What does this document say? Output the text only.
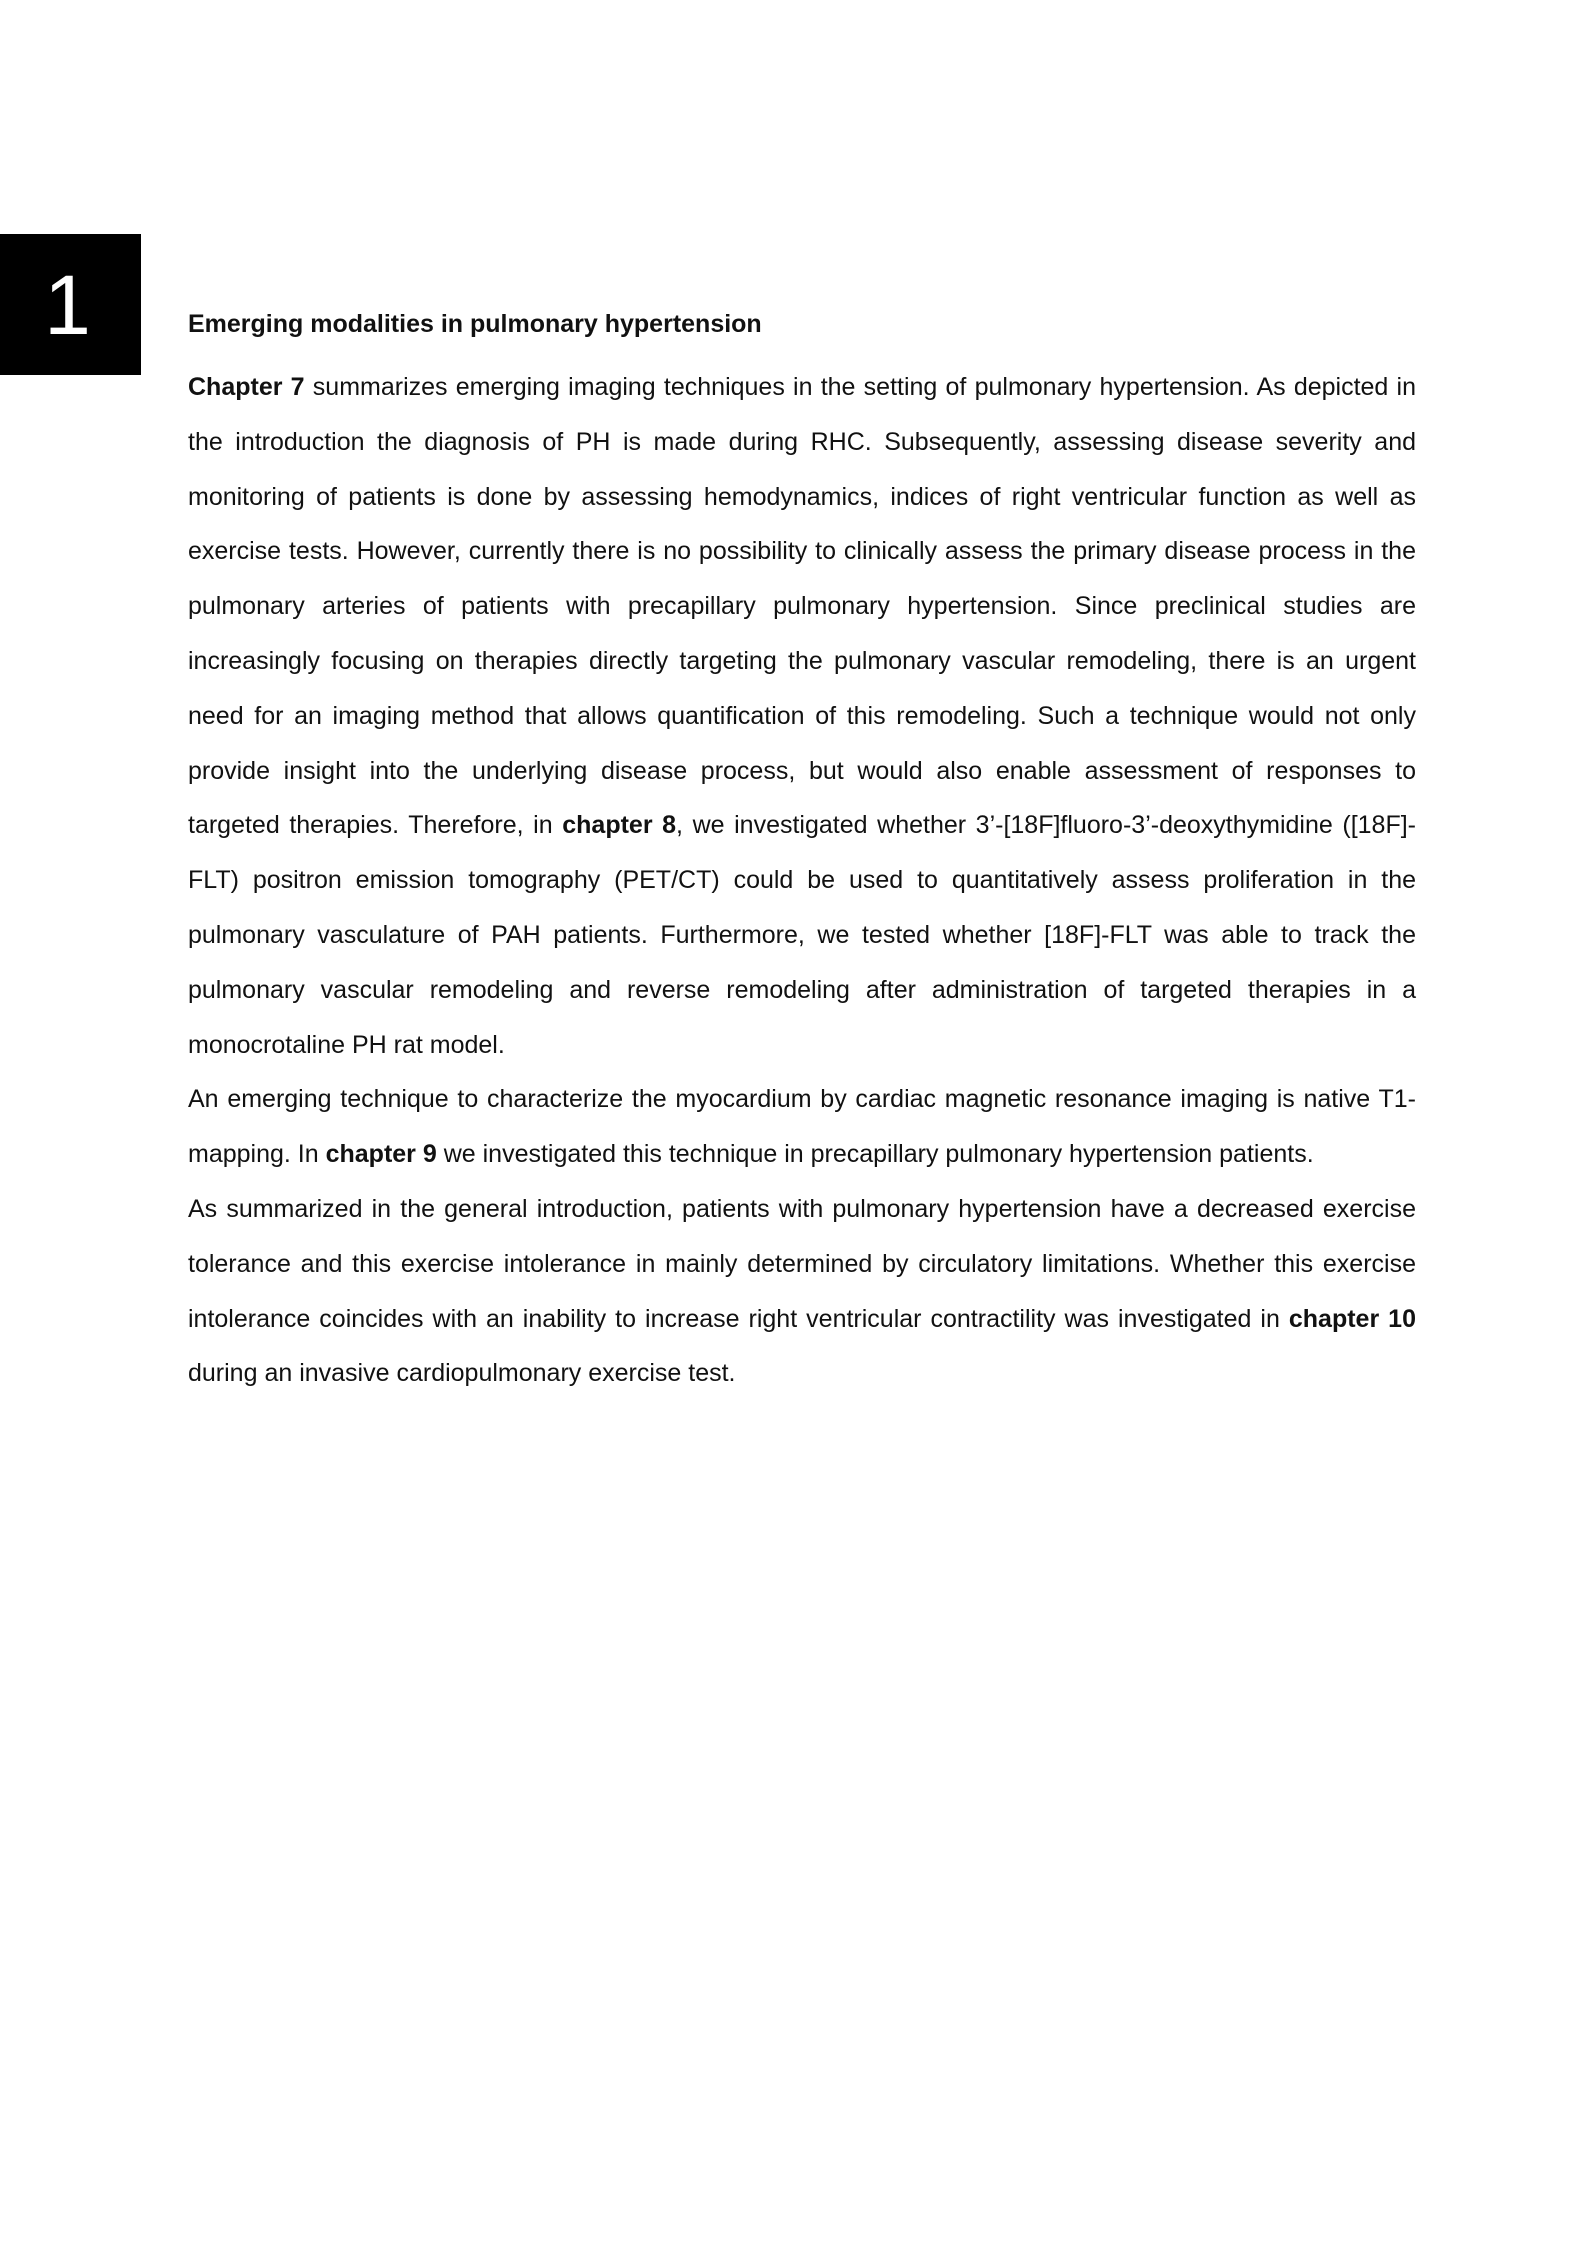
1	Emerging modalities in pulmonary hypertension

Chapter 7 summarizes emerging imaging techniques in the setting of pulmonary hypertension. As depicted in the introduction the diagnosis of PH is made during RHC. Subsequently, assessing disease severity and monitoring of patients is done by assessing hemodynamics, indices of right ventricular function as well as exercise tests. However, currently there is no possibility to clinically assess the primary disease process in the pulmonary arteries of patients with precapillary pulmonary hypertension. Since preclinical studies are increasingly focusing on therapies directly targeting the pulmonary vascular remodeling, there is an urgent need for an imaging method that allows quantification of this remodeling. Such a technique would not only provide insight into the underlying disease process, but would also enable assessment of responses to targeted therapies. Therefore, in chapter 8, we investigated whether 3’-[18F]fluoro-3’-deoxythymidine ([18F]-FLT) positron emission tomography (PET/CT) could be used to quantitatively assess proliferation in the pulmonary vasculature of PAH patients. Furthermore, we tested whether [18F]-FLT was able to track the pulmonary vascular remodeling and reverse remodeling after administration of targeted therapies in a monocrotaline PH rat model.

An emerging technique to characterize the myocardium by cardiac magnetic resonance imaging is native T1-mapping. In chapter 9 we investigated this technique in precapillary pulmonary hypertension patients.

As summarized in the general introduction, patients with pulmonary hypertension have a decreased exercise tolerance and this exercise intolerance in mainly determined by circulatory limitations. Whether this exercise intolerance coincides with an inability to increase right ventricular contractility was investigated in chapter 10 during an invasive cardiopulmonary exercise test.
